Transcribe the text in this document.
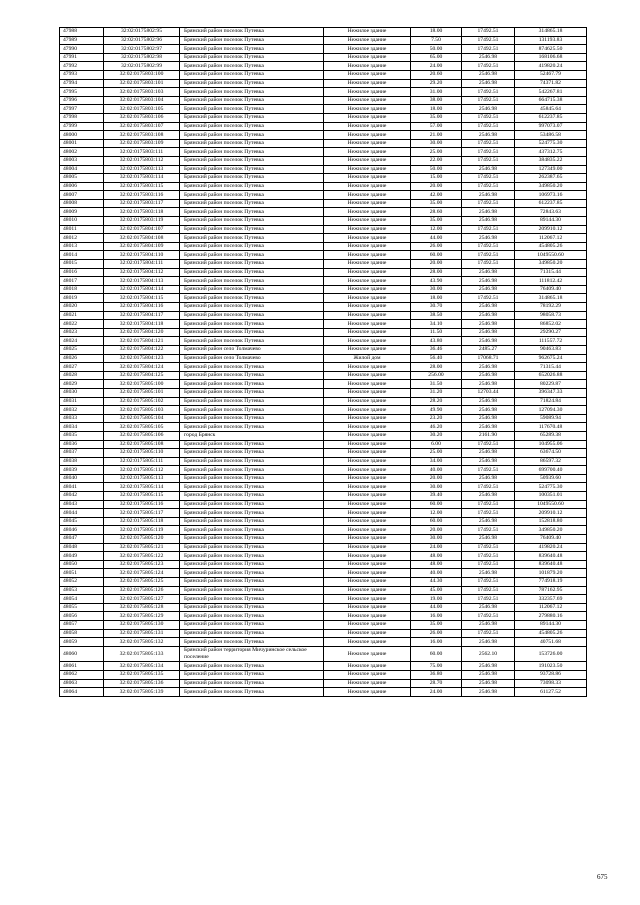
47988	32:02:0175802:95	Брянский район поселок Путевка	Нежилое здание	18.00	17492.51	314865.18
47989	32:02:0175802:96	Брянский район поселок Путевка	Нежилое здание	7.50	17492.51	131193.83
47990	32:02:0175802:97	Брянский район поселок Путевка	Нежилое здание	50.00	17492.51	874625.50
47991	32:02:0175802:98	Брянский район поселок Путевка	Нежилое здание	65.00	2546.98	168106.68
47992	32:02:0175802:99	Брянский район поселок Путевка	Нежилое здание	24.00	17492.51	419820.24
47993	32:02:0175803:100	Брянский район поселок Путевка	Нежилое здание	20.60	2546.98	52467.79
47994	32:02:0175803:101	Брянский район поселок Путевка	Нежилое здание	29.20	2546.98	74371.82
47995	32:02:0175803:103	Брянский район поселок Путевка	Нежилое здание	31.00	17492.51	542267.81
47996	32:02:0175803:104	Брянский район поселок Путевка	Нежилое здание	38.00	17492.51	664715.38
47997	32:02:0175803:105	Брянский район поселок Путевка	Нежилое здание	18.00	2546.98	45845.64
47998	32:02:0175803:106	Брянский район поселок Путевка	Нежилое здание	35.00	17492.51	612237.85
47999	32:02:0175803:107	Брянский район поселок Путевка	Нежилое здание	57.00	17492.51	997073.07
48000	32:02:0175803:108	Брянский район поселок Путевка	Нежилое здание	21.00	2546.98	53486.58
48001	32:02:0175803:109	Брянский район поселок Путевка	Нежилое здание	30.00	17492.51	524775.30
48002	32:02:0175803:111	Брянский район поселок Путевка	Нежилое здание	25.00	17492.51	437312.75
48003	32:02:0175803:112	Брянский район поселок Путевка	Нежилое здание	22.00	17492.51	384835.22
48004	32:02:0175803:113	Брянский район поселок Путевка	Нежилое здание	50.00	2546.98	127349.00
48005	32:02:0175803:114	Брянский район поселок Путевка	Нежилое здание	15.00	17492.51	262387.65
48006	32:02:0175803:115	Брянский район поселок Путевка	Нежилое здание	20.00	17492.51	349850.20
48007	32:02:0175803:116	Брянский район поселок Путевка	Нежилое здание	42.00	2546.98	106973.16
48008	32:02:0175803:117	Брянский район поселок Путевка	Нежилое здание	35.00	17492.51	612237.85
48009	32:02:0175803:118	Брянский район поселок Путевка	Нежилое здание	28.60	2546.98	72843.63
48010	32:02:0175803:119	Брянский район поселок Путевка	Нежилое здание	35.00	2546.98	89144.30
48011	32:02:0175804:107	Брянский район поселок Путевка	Нежилое здание	12.00	17492.51	209910.12
48012	32:02:0175804:108	Брянский район поселок Путевка	Нежилое здание	44.00	2546.98	112067.12
48013	32:02:0175804:109	Брянский район поселок Путевка	Нежилое здание	26.00	17492.51	454805.26
48014	32:02:0175804:110	Брянский район поселок Путевка	Нежилое здание	60.00	17492.51	1049550.60
48015	32:02:0175804:111	Брянский район поселок Путевка	Нежилое здание	20.00	17492.51	349850.20
48016	32:02:0175804:112	Брянский район поселок Путевка	Нежилое здание	28.00	2546.98	71315.44
48017	32:02:0175804:113	Брянский район поселок Путевка	Нежилое здание	43.90	2546.98	111812.42
48018	32:02:0175804:114	Брянский район поселок Путевка	Нежилое здание	30.00	2546.98	76409.40
48019	32:02:0175804:115	Брянский район поселок Путевка	Нежилое здание	18.00	17492.51	314865.18
48020	32:02:0175804:116	Брянский район поселок Путевка	Нежилое здание	30.70	2546.98	78192.29
48021	32:02:0175804:117	Брянский район поселок Путевка	Нежилое здание	38.50	2546.98	98058.73
48022	32:02:0175804:118	Брянский район поселок Путевка	Нежилое здание	34.10	2546.98	86852.02
48023	32:02:0175804:120	Брянский район поселок Путевка	Нежилое здание	11.50	2546.98	29290.27
48024	32:02:0175804:121	Брянский район поселок Путевка	Нежилое здание	43.80	2546.98	111557.72
48025	32:02:0175804:122	Брянский район село Толмачево	Нежилое здание	36.46	2485.27	90463.83
48026	32:02:0175804:123	Брянский район село Толмачево	Жилой дом	56.40	17068.71	962675.24
48027	32:02:0175804:124	Брянский район поселок Путевка	Нежилое здание	28.00	2546.98	71315.44
48028	32:02:0175804:125	Брянский район поселок Путевка	Нежилое здание	256.00	2546.98	652026.88
48029	32:02:0175805:100	Брянский район поселок Путевка	Нежилое здание	31.50	2546.98	80229.87
48030	32:02:0175805:101	Брянский район поселок Путевка	Нежилое здание	31.20	12703.44	396347.33
48031	32:02:0175805:102	Брянский район поселок Путевка	Нежилое здание	28.20	2546.98	71824.84
48032	32:02:0175805:103	Брянский район поселок Путевка	Нежилое здание	49.90	2546.98	127094.30
48033	32:02:0175805:104	Брянский район поселок Путевка	Нежилое здание	23.20	2546.98	59089.94
48034	32:02:0175805:105	Брянский район поселок Путевка	Нежилое здание	46.20	2546.98	117670.48
48035	32:02:0175805:106	город Брянск	Нежилое здание	30.20	2161.90	65289.38
48036	32:02:0175805:108	Брянский район поселок Путевка	Нежилое здание	6.00	17492.51	104955.06
48037	32:02:0175805:110	Брянский район поселок Путевка	Нежилое здание	25.00	2546.98	63674.50
48038	32:02:0175805:111	Брянский район поселок Путевка	Нежилое здание	34.00	2546.98	86597.32
48039	32:02:0175805:112	Брянский район поселок Путевка	Нежилое здание	40.00	17492.51	699700.40
48040	32:02:0175805:113	Брянский район поселок Путевка	Нежилое здание	20.00	2546.98	50939.60
48041	32:02:0175805:114	Брянский район поселок Путевка	Нежилое здание	30.00	17492.51	524775.30
48042	32:02:0175805:115	Брянский район поселок Путевка	Нежилое здание	39.40	2546.98	100351.01
48043	32:02:0175805:116	Брянский район поселок Путевка	Нежилое здание	60.00	17492.51	1049550.60
48044	32:02:0175805:117	Брянский район поселок Путевка	Нежилое здание	12.00	17492.51	209910.12
48045	32:02:0175805:118	Брянский район поселок Путевка	Нежилое здание	60.00	2546.98	152818.80
48046	32:02:0175805:119	Брянский район поселок Путевка	Нежилое здание	20.00	17492.51	349850.20
48047	32:02:0175805:120	Брянский район поселок Путевка	Нежилое здание	30.00	2546.98	76409.40
48048	32:02:0175805:121	Брянский район поселок Путевка	Нежилое здание	24.00	17492.51	419820.24
48049	32:02:0175805:122	Брянский район поселок Путевка	Нежилое здание	48.00	17492.51	839640.48
48050	32:02:0175805:123	Брянский район поселок Путевка	Нежилое здание	48.00	17492.51	839640.48
48051	32:02:0175805:124	Брянский район поселок Путевка	Нежилое здание	40.00	2546.98	101879.20
48052	32:02:0175805:125	Брянский район поселок Путевка	Нежилое здание	44.30	17492.51	774918.19
48053	32:02:0175805:126	Брянский район поселок Путевка	Нежилое здание	45.00	17492.51	787162.95
48054	32:02:0175805:127	Брянский район поселок Путевка	Нежилое здание	19.00	17492.51	332357.69
48055	32:02:0175805:128	Брянский район поселок Путевка	Нежилое здание	44.00	2546.98	112067.12
48056	32:02:0175805:129	Брянский район поселок Путевка	Нежилое здание	16.00	17492.51	279880.16
48057	32:02:0175805:130	Брянский район поселок Путевка	Нежилое здание	35.00	2546.98	89144.30
48058	32:02:0175805:131	Брянский район поселок Путевка	Нежилое здание	26.00	17492.51	454805.26
48059	32:02:0175805:132	Брянский район поселок Путевка	Нежилое здание	16.00	2546.98	40751.68
48060	32:02:0175805:133	Брянский район территория Мичуринское сельское поселение	Нежилое здание	60.00	2562.10	153726.00
48061	32:02:0175805:134	Брянский район поселок Путевка	Нежилое здание	75.00	2546.98	191023.50
48062	32:02:0175805:135	Брянский район поселок Путевка	Нежилое здание	36.80	2546.98	93728.86
48063	32:02:0175805:136	Брянский район поселок Путевка	Нежилое здание	28.70	2546.98	73098.33
48064	32:02:0175805:139	Брянский район поселок Путевка	Нежилое здание	24.00	2546.98	61127.52
675
